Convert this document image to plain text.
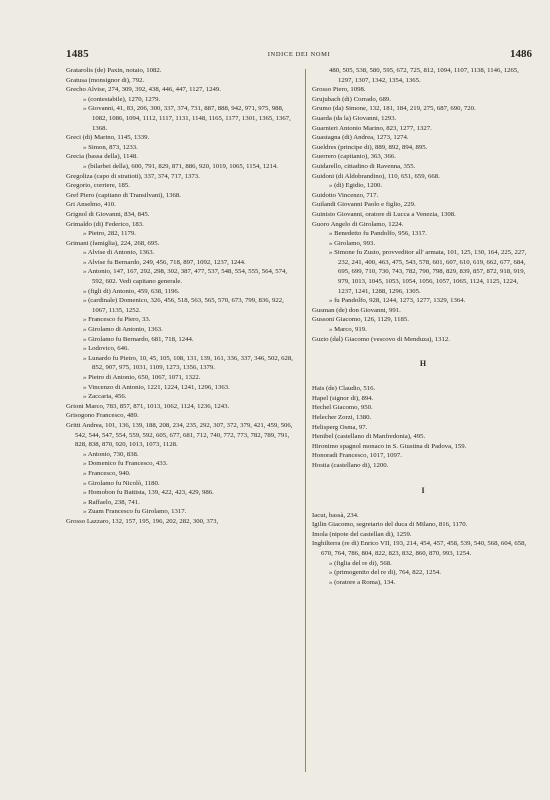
1485	INDICE DEI NOMI	1486
Gratarolis (de) Paxin, notaio, 1082.
Gratusa (monsignor di), 792.
Grecho Alvise, 274, 309, 392, 438, 446, 447, 1127, 1249.
» (contestabile), 1270, 1279.
» Giovanni, 41, 83, 206, 300, 337, 374, 731, 887, 888, 942, 971, 975, 988, 1082, 1086, 1094, 1112, 1117, 1131, 1148, 1165, 1177, 1301, 1365, 1367, 1368.
Greci (di) Marino, 1145, 1339.
» Simon, 873, 1233.
Grecia (bassa della), 1148.
» (bilarbei della), 600, 791, 829, 871, 886, 920, 1019, 1065, 1154, 1214.
Gregoliza (capo di stratioti), 337, 374, 717, 1373.
Gregorio, corriere, 185.
Gref Piero (capitano di Transilvani), 1368.
Gri Anselmo, 410.
Grignol di Giovanni, 834, 845.
Grimaldo (di) Federico, 183.
» Pietro, 282, 1179.
Grimani (famiglia), 224, 268, 695.
» Alvise di Antonio, 1363.
» Alvise fu Bernardo, 249, 456, 718, 897, 1092, 1237, 1244.
» Antonio, 147, 167, 292, 298, 302, 387, 477, 537, 548, 554, 555, 564, 574, 592, 602. Vedi capitano generale.
» (figli di) Antonio, 459, 638, 1196.
» (cardinale) Domenico, 326, 456, 518, 563, 565, 570, 673, 799, 836, 922, 1067, 1135, 1252.
» Francesco fu Piero, 33.
» Girolamo di Antonio, 1363.
» Girolamo fu Bernardo, 681, 718, 1244.
» Lodovico, 646.
» Lunardo fu Pietro, 10, 45, 105, 108, 131, 139, 161, 336, 337, 346, 502, 628, 852, 907, 975, 1031, 1109, 1273, 1356, 1379.
» Pietro di Antonio, 650, 1067, 1071, 1322.
» Vincenzo di Antonio, 1221, 1224, 1241, 1296, 1363.
» Zaccaria, 456.
Grioni Marco, 783, 857, 871, 1013, 1062, 1124, 1236, 1243.
Grisogono Francesco, 489.
Gritti Andrea, 101, 136, 139, 188, 208, 234, 235, 292, 307, 372, 379, 421, 459, 506, 542, 544, 547, 554, 559, 592, 605, 677, 681, 712, 740, 772, 773, 782, 789, 791, 828, 838, 870, 920, 1013, 1073, 1128.
» Antonio, 730, 838.
» Domenico fu Francesco, 433.
» Francesco, 940.
» Girolamo fu Nicolò, 1180.
» Homobon fu Battista, 139, 422, 423, 429, 986.
» Raffaelo, 238, 741.
» Zuam Francesco fu Girolamo, 1317.
Grosso Lazzaro, 132, 157, 195, 196, 202, 282, 300, 373,
480, 505, 538, 580, 595, 672, 725, 812, 1094, 1107, 1138, 1146, 1265, 1297, 1307, 1342, 1354, 1365.
Grosso Piero, 1098.
Grujubach (di) Corrado, 689.
Grumo (da) Simone, 132, 181, 184, 219, 275, 687, 690, 720.
Guarda (da la) Giovanni, 1293.
Guarnieri Antonio Marino, 823, 1277, 1327.
Guastagna (di) Andrea, 1273, 1274.
Gueldres (principe di), 889, 892, 894, 895.
Guerrero (capitanio), 363, 366.
Guidarello, cittadino di Ravenna, 355.
Guidoni (di Aldobrandino), 110, 651, 659, 668.
» (di) Egidio, 1200.
Guidotto Vincenzo, 717.
Guilandi Giovanni Paolo e figlio, 229.
Guinisio Giovanni, oratore di Lucca a Venezia, 1308.
Guoro Angelo di Girolamo, 1224.
» Benedetto fu Pandolfo, 956, 1317.
» Girolamo, 993.
» Simone fu Zusto, provveditor all' armata, 101, 125, 130, 164, 225, 227, 232, 241, 400, 463, 475, 543, 578, 601, 607, 610, 619, 662, 677, 684, 695, 699, 710, 730, 743, 782, 790, 798, 829, 839, 857, 872, 918, 919, 979, 1013, 1045, 1053, 1054, 1056, 1057, 1065, 1124, 1125, 1224, 1237, 1241, 1288, 1296, 1305.
» fu Pandolfo, 928, 1244, 1273, 1277, 1329, 1364.
Gusman (de) don Giovanni, 991.
Gussoni Giacomo, 126, 1129, 1185.
» Marco, 919.
Guzio (dal) Giacomo (vescovo di Menduza), 1312.
H
Hais (de) Claudio, 516.
Hapel (signor di), 894.
Hechel Giacomo, 950.
Helecher Zorzi, 1380.
Helisperg Osma, 97.
Henibel (castellano di Manfredonia), 495.
Hironimo spagnol monaco in S. Giustina di Padova, 159.
Honoradi Francesco, 1017, 1097.
Hostia (castellano di), 1200.
I
Iacut, bassà, 234.
Igilin Giacomo, segretario del duca di Milano, 816, 1170.
Imola (nipote del castellan di), 1259.
Inghilterra (re di) Enrico VII, 193, 214, 454, 457, 458, 539, 540, 568, 604, 658, 670, 764, 786, 804, 822, 823, 832, 860, 870, 993, 1254.
» (figlia del re di), 568.
» (primogenito del re di), 764, 822, 1254.
» (oratore a Roma), 134.
